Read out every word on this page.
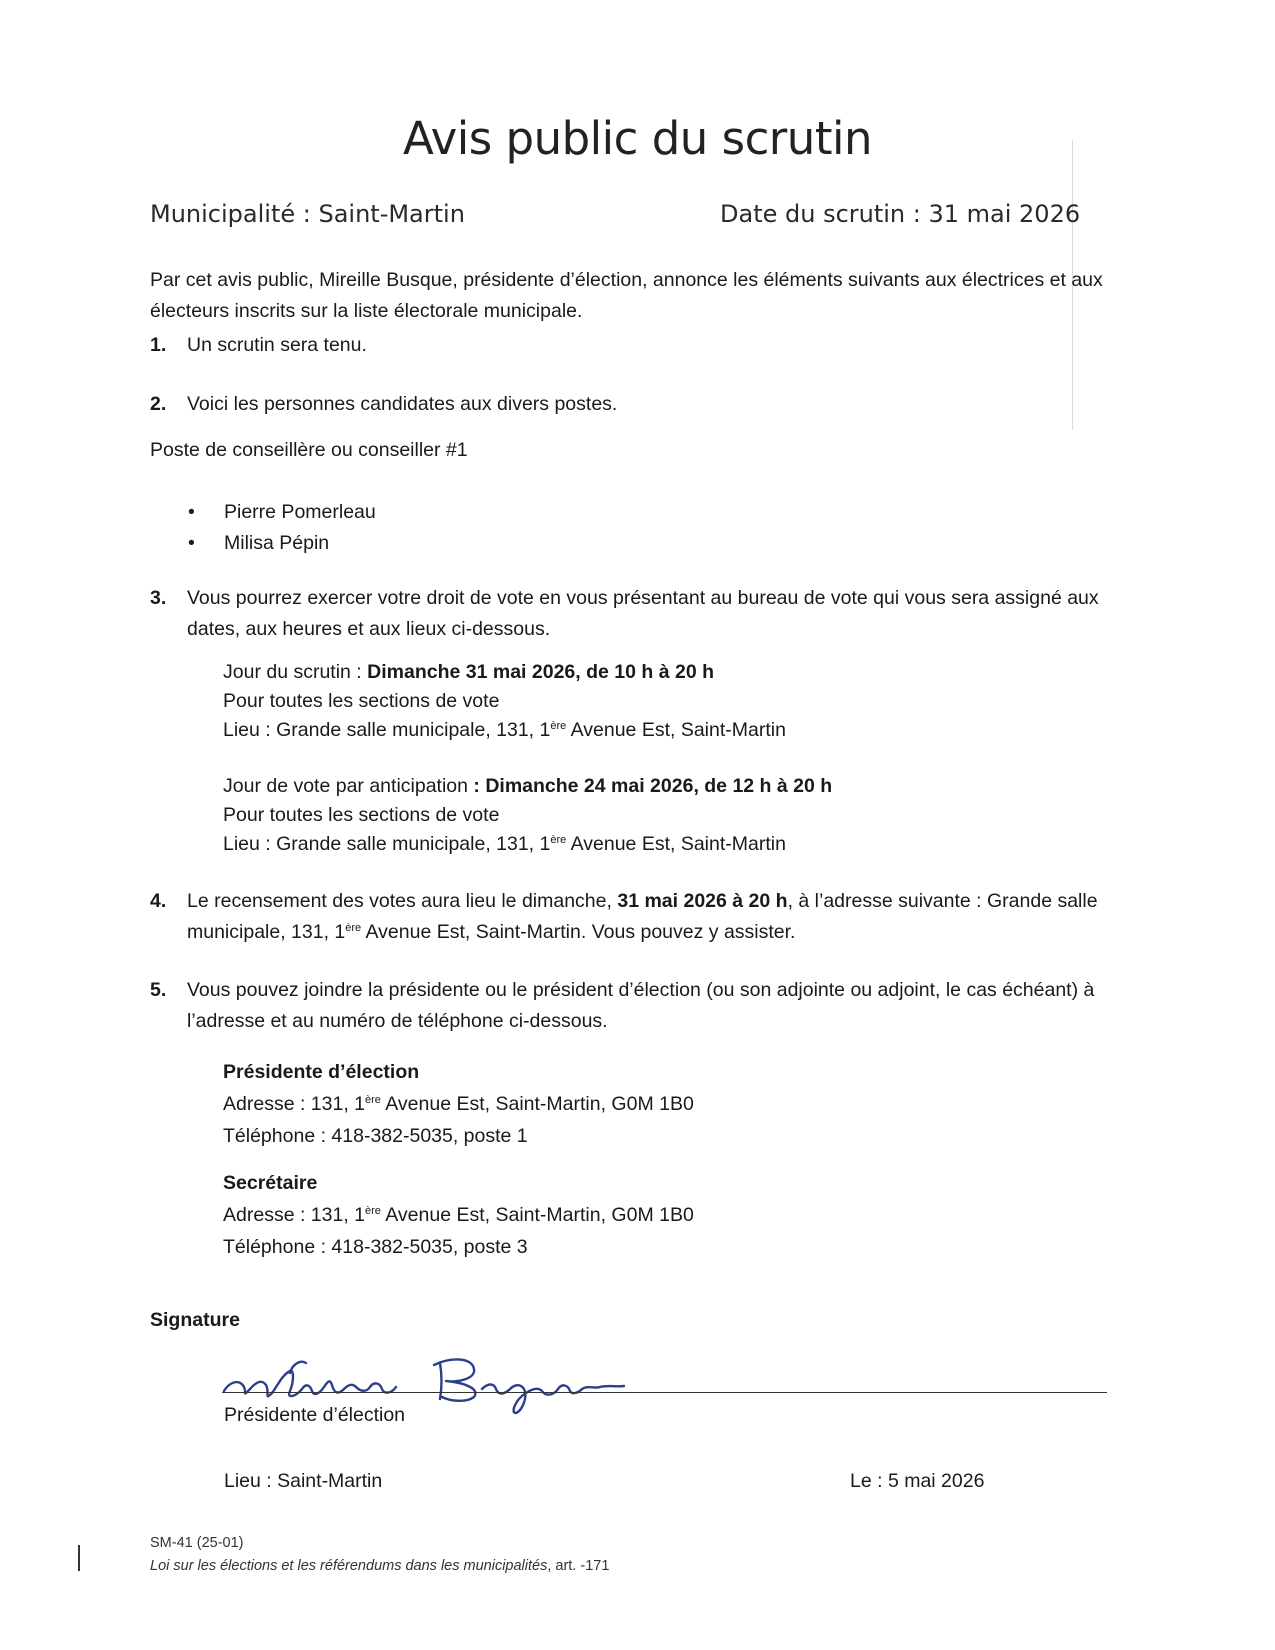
Avis public du scrutin
Municipalité : Saint-Martin	Date du scrutin : 31 mai 2026
Par cet avis public, Mireille Busque, présidente d’élection, annonce les éléments suivants aux électrices et aux électeurs inscrits sur la liste électorale municipale.
1. Un scrutin sera tenu.
2. Voici les personnes candidates aux divers postes.
Poste de conseillère ou conseiller #1
• Pierre Pomerleau
• Milisa Pépin
3. Vous pourrez exercer votre droit de vote en vous présentant au bureau de vote qui vous sera assigné aux dates, aux heures et aux lieux ci-dessous.
Jour du scrutin : Dimanche 31 mai 2026, de 10 h à 20 h
Pour toutes les sections de vote
Lieu : Grande salle municipale, 131, 1ère Avenue Est, Saint-Martin
Jour de vote par anticipation : Dimanche 24 mai 2026, de 12 h à 20 h
Pour toutes les sections de vote
Lieu : Grande salle municipale, 131, 1ère Avenue Est, Saint-Martin
4. Le recensement des votes aura lieu le dimanche, 31 mai 2026 à 20 h, à l’adresse suivante : Grande salle municipale, 131, 1ère Avenue Est, Saint-Martin. Vous pouvez y assister.
5. Vous pouvez joindre la présidente ou le président d’élection (ou son adjointe ou adjoint, le cas échéant) à l’adresse et au numéro de téléphone ci-dessous.
Présidente d’élection
Adresse : 131, 1ère Avenue Est, Saint-Martin, G0M 1B0
Téléphone : 418-382-5035, poste 1
Secrétaire
Adresse : 131, 1ère Avenue Est, Saint-Martin, G0M 1B0
Téléphone : 418-382-5035, poste 3
Signature
Présidente d’élection
Lieu : Saint-Martin	Le : 5 mai 2026
SM-41 (25-01)
Loi sur les élections et les référendums dans les municipalités, art. -171
